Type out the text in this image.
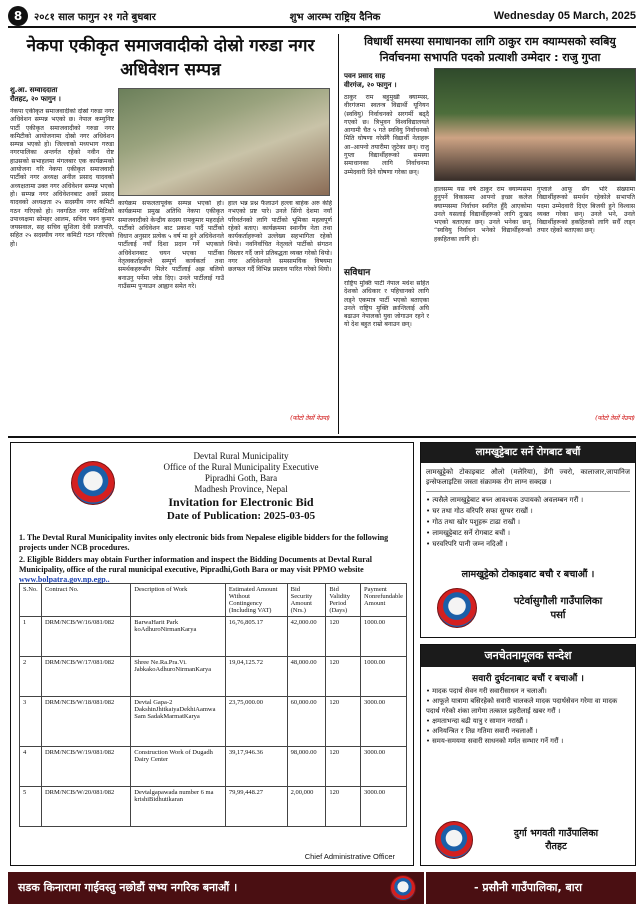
8	२०८१ साल फागुन २१ गते बुधबार	शुभ आरम्भ राष्ट्रिय दैनिक	Wednesday 05 March, 2025
नेकपा एकीकृत समाजवादीको दोस्रो गरुडा नगर अधिवेशन सम्पन्न
शु.आ. सम्वाददाता
रौतहट, २० फागुन ।
नेकपा एकीकृत समाजवादीको दोस्रो गरुडा नगर अधिवेशन सम्पन्न भएको छ। नेपाल कम्युनिष्ट पार्टी एकीकृत समाजवादीको गरुडा नगर कमिटीको आयोजनामा दोस्रो नगर अधिवेशन सम्पन्न भएको हो। जिल्लाको मध्यभाग गरुडा नगरपालिका अन्तर्गत रहेको नवीन रोष्ट हाउसको सभाहलमा मंगलबार एक कार्यक्रमको आयोजना गरि नेकपा एकीकृत समाजवादी पार्टीको नगर अध्यक्ष अनील प्रसाद यादवको अध्यक्षतामा उक्त नगर अधिवेशन सम्पन्न भएको हो। सम्पन्न नगर अधिवेशनबाट अर्को प्रसाद यादवको अध्यक्षता २५ सदस्यीय नगर कमिटी गठन गरिएको हो। नवगठित नगर कमिटिको उपाध्यक्षमा सोमहर आलम, सचिव पवन कुमार जयसवाल, सह सचिव सुशिला देवी प्रजापति, सहित २५ सदस्यीय नगर कमिटी गठन गरिएको हो।
कार्यक्रम सफलतापूर्वक सम्पन्न भएको हो। कार्यक्रममा प्रमुख अतिथि नेकपा एकीकृत समाजवादीको केन्द्रीय सदस्य रामकुमार महराईले पार्टीको अधिवेशन बाट प्रकाश पार्दै पार्टीको विधान अनुसार प्रत्येक ५ वर्ष मा हुने अधिवेशनले पार्टीलाई नयाँ दिशा प्रदान गर्ने भएकाले अधिवेशनबाट चयन भएका पार्टीका नेतृत्वकर्ताहरूले सम्पूर्ण कार्यकर्ता तथा समर्थकहरूसँग मिलेर पार्टीलाई अझ बलियो बनाउनु पर्नेमा जोड दिए। उनले पार्टीलाई गाउँ गाउँसम्म पुर्‍याउन आह्वान समेत गरे।
हाल भन्न प्रश्न फैलाउने हल्ला बाहेक अरु केहि नभएको प्रष्ट पारे। उनले सिंगो देशमा नयाँ परिवर्तनको लागि पार्टीको भूमिका महत्वपूर्ण रहेको बताए। कार्यक्रममा स्थानीय नेता तथा कार्यकर्ताहरूको उल्लेख्य सहभागिता रहेको थियो। नवनिर्वाचित नेतृत्वले पार्टीको संगठन विस्तार गर्दै जाने प्रतिबद्धता व्यक्त गरेको थियो। नगर अधिवेशनले समसामयिक विषयमा छलफल गर्दै विभिन्न प्रस्ताव पारित गरेको थियो।
(फोटो तेर्सो नेउपा)
विधार्थी समस्या समाधानका लागि ठाकुर राम क्याम्पसको स्वबियु निर्वाचनमा सभापति पदको प्रत्याशी उम्मेदार : राजु गुप्ता
पवन प्रसाद साह
वीरगंज, २० फागुन ।
ठाकुर राम बहुमुखी क्याम्पस, वीरगंजमा स्वतन्त्र विद्यार्थी यूनियन (स्ववियु) निर्वाचनको सरगर्मी बढ्दै गएको छ। त्रिभुवन विश्वविद्यालयले आगामी चैत ५ गते स्ववियु निर्वाचनको मिति घोषणा गरेसँगै विद्यार्थी नेताहरू आ–आफ्नो तयारीमा जुटेका छन्। राजु गुप्ता विद्यार्थीहरूको समस्या समाधानका लागि निर्वाचनमा उम्मेदवारी दिने घोषणा गरेका छन्।
सविधान
राष्ट्रिय मुक्ति पार्टी नेपाल मधेश सहित देशको अधिकार र पहिचानको लागि लड्ने एकमात्र पार्टी भएको बताएका उनले राष्ट्रिय मुक्ति क्रान्तिलाई अघि बढाउन नेपालको युवा जोगाउन रहने र यो देश बहुत राम्रो बनाउन छन्।
हालसम्म यस वर्ष ठाकुर राम क्याम्पसमा हुनुपर्ने विकासमा आफ्नो इच्छा कलेज क्याम्पसमा निर्वाचन स्थगित हुँदै आएकोमा उनले यसलाई विद्यार्थीहरूको लागि दुःखद भएको बताएका छन्। उनले भनेका छन्, “स्ववियु निर्वाचन भनेको विद्यार्थीहरूको हकहितका लागि हो।
गुप्ताले आफू सँग भरि संख्यामा विद्यार्थीहरूको समर्थन रहेकोले सभापति पदमा उम्मेदवारी दिएर बिजयी हुने विश्वास व्यक्त गरेका छन्। उनले भने, उनले विद्यार्थीहरूको हकहितको लागि सधैँ लड्न तयार रहेको बताएका छन्।
(फोटो तेर्सो नेउपा)
Devtal Rural Municipality
Office of the Rural Municipality Executive
Pipradhi Goth, Bara
Madhesh Province, Nepal
Invitation for Electronic Bid
Date of Publication: 2025-03-05
1. The Devtal Rural Municipality invites only electronic bids from Nepalese eligible bidders for the following projects under NCB procedures.
2. Eligible Bidders may obtain Further information and inspect the Bidding Documents at Devtal Rural Municipality, office of the rural municipal executive, Pipradhi,Goth Bara or may visit PPMO website www.bolpatra.gov.np.egp..
S.No.	Contract No.	Description of Work	Estimated Amount Without Contingency (Including VAT)	Bid Security Amount (Nrs.)	Bid Validity Period (Days)	Payment Nonrefundable Amount
1	DRM/NCB/W/16/081/082	BarwaHarit Park koAdhuroNirmanKarya	16,76,805.17	42,000.00	120	1000.00
2	DRM/NCB/W/17/081/082	Shree Ne.Ra.Pra.Vi. JabkakoAdhuroNirmanKarya	19,04,125.72	48,000.00	120	1000.00
3	DRM/NCB/W/18/081/082	Devtal Gapa-2 DakshinJhitkaiyaDekhiAamwa Sam SadakMarmatKarya	23,75,000.00	60,000.00	120	3000.00
4	DRM/NCB/W/19/081/082	Construction Work of Dugadh Dairy Center	39,17,946.36	98,000.00	120	3000.00
5	DRM/NCB/W/20/081/082	Devtalgapawada number 6 ma krishiBidhutikaran	79,99,448.27	2,00,000	120	3000.00
Chief Administrative Officer
लामखुट्टेबाट सर्ने रोगबाट बचौं
लामखुट्टेको टोकाइबाट औलो (मलेरिया), डेंगी ज्वरो, कालाजार,जापानिज इन्सेफलाइटिस जस्ता संक्रामक रोग लाग्न सक्दछ ।
• त्यसैले लामखुट्टेबाट बच्न आवश्यक उपायको अवलम्बन गरौं ।
• घर तथा गोठ वरिपरि सफा सुग्घर राखौं ।
• गोठ तथा खोर पशुहरू टाढा राखौं ।
• लामखुट्टेबाट सर्ने रोगबाट बचौं ।
• घरवरिपरि पानी जम्न नदिऔं ।
लामखुट्टेको टोकाइबाट बचौ र बचाऔं ।
पटेर्वासुगौली गाउँपालिका
पर्सा
जनचेतनामूलक सन्देश
सवारी दुर्घटनाबाट बचौं र बचाऔं ।
• मादक पदार्थ सेवन गरी सवारीसाधन न चलाऔं।
• आफूले यात्रामा बसिरहेको सवारी चालकले मादक पदार्थसेवन गरेमा वा मादक पदार्थ गरेको शंका लागेमा तत्काल प्रहरीलाई खबर गरौं ।
• क्षमताभन्दा बढी यात्रु र सामान नराखौं ।
• अनियन्त्रित र तिव्र गतिमा सवारी नचलाऔं ।
• समय-समयमा सवारी साधनको मर्मत सम्भार गर्ने गरौं ।
दुर्गा भगवती गाउँपालिका
रौतहट
सडक किनारामा गाईवस्तु नछोडौं सभ्य नगरिक बनाऔं ।	- प्रसौनी गाउँपालिका, बारा
